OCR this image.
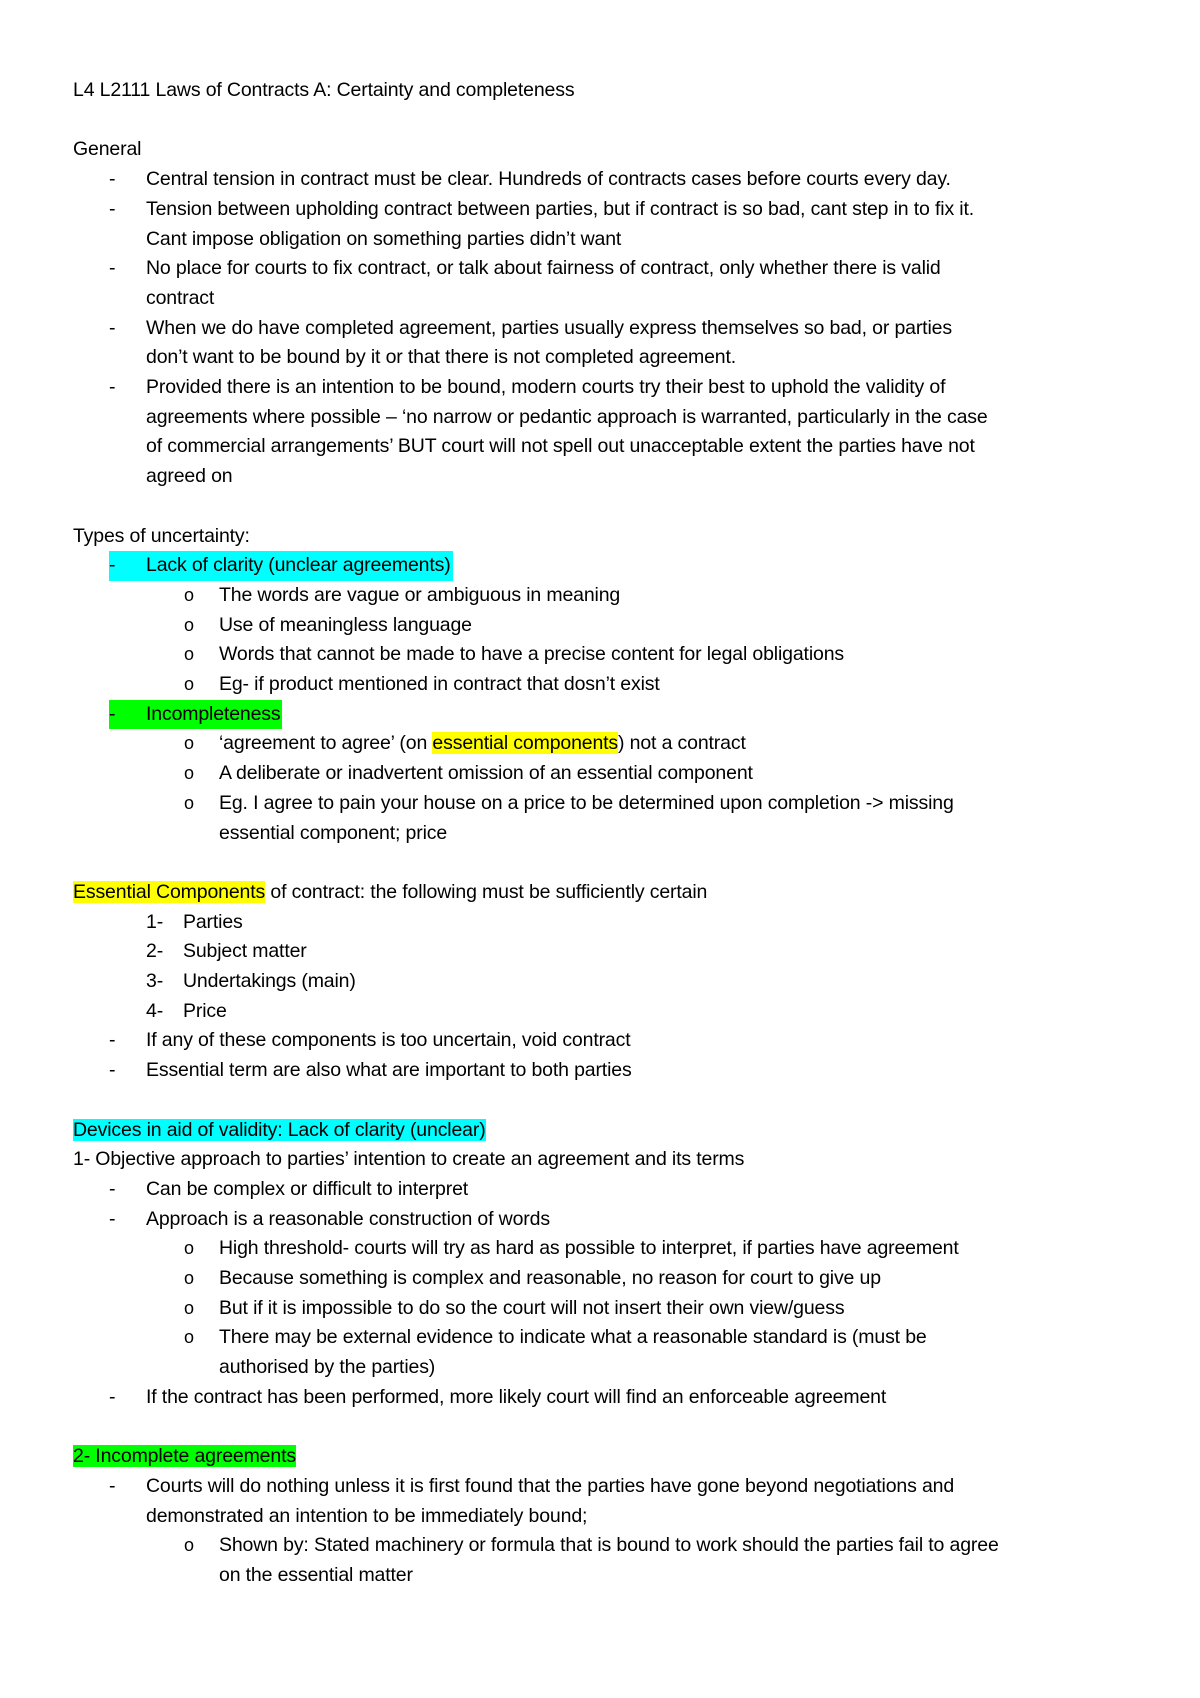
L4 L2111 Laws of Contracts A: Certainty and completeness
General
- Central tension in contract must be clear. Hundreds of contracts cases before courts every day.
- Tension between upholding contract between parties, but if contract is so bad, cant step in to fix it.
Cant impose obligation on something parties didn’t want
- No place for courts to fix contract, or talk about fairness of contract, only whether there is valid
contract
- When we do have completed agreement, parties usually express themselves so bad, or parties
don’t want to be bound by it or that there is not completed agreement.
- Provided there is an intention to be bound, modern courts try their best to uphold the validity of
agreements where possible – ‘no narrow or pedantic approach is warranted, particularly in the case
of commercial arrangements’ BUT court will not spell out unacceptable extent the parties have not
agreed on
Types of uncertainty:
- Lack of clarity (unclear agreements)
o The words are vague or ambiguous in meaning
o Use of meaningless language
o Words that cannot be made to have a precise content for legal obligations
o Eg- if product mentioned in contract that dosn’t exist
- Incompleteness
o ‘agreement to agree’ (on essential components) not a contract
o A deliberate or inadvertent omission of an essential component
o Eg. I agree to pain your house on a price to be determined upon completion -> missing
essential component; price
Essential Components of contract: the following must be sufficiently certain
1- Parties
2- Subject matter
3- Undertakings (main)
4- Price
- If any of these components is too uncertain, void contract
- Essential term are also what are important to both parties
Devices in aid of validity: Lack of clarity (unclear)
1- Objective approach to parties’ intention to create an agreement and its terms
- Can be complex or difficult to interpret
- Approach is a reasonable construction of words
o High threshold- courts will try as hard as possible to interpret, if parties have agreement
o Because something is complex and reasonable, no reason for court to give up
o But if it is impossible to do so the court will not insert their own view/guess
o There may be external evidence to indicate what a reasonable standard is (must be
authorised by the parties)
- If the contract has been performed, more likely court will find an enforceable agreement
2- Incomplete agreements
- Courts will do nothing unless it is first found that the parties have gone beyond negotiations and
demonstrated an intention to be immediately bound;
o Shown by: Stated machinery or formula that is bound to work should the parties fail to agree
on the essential matter
